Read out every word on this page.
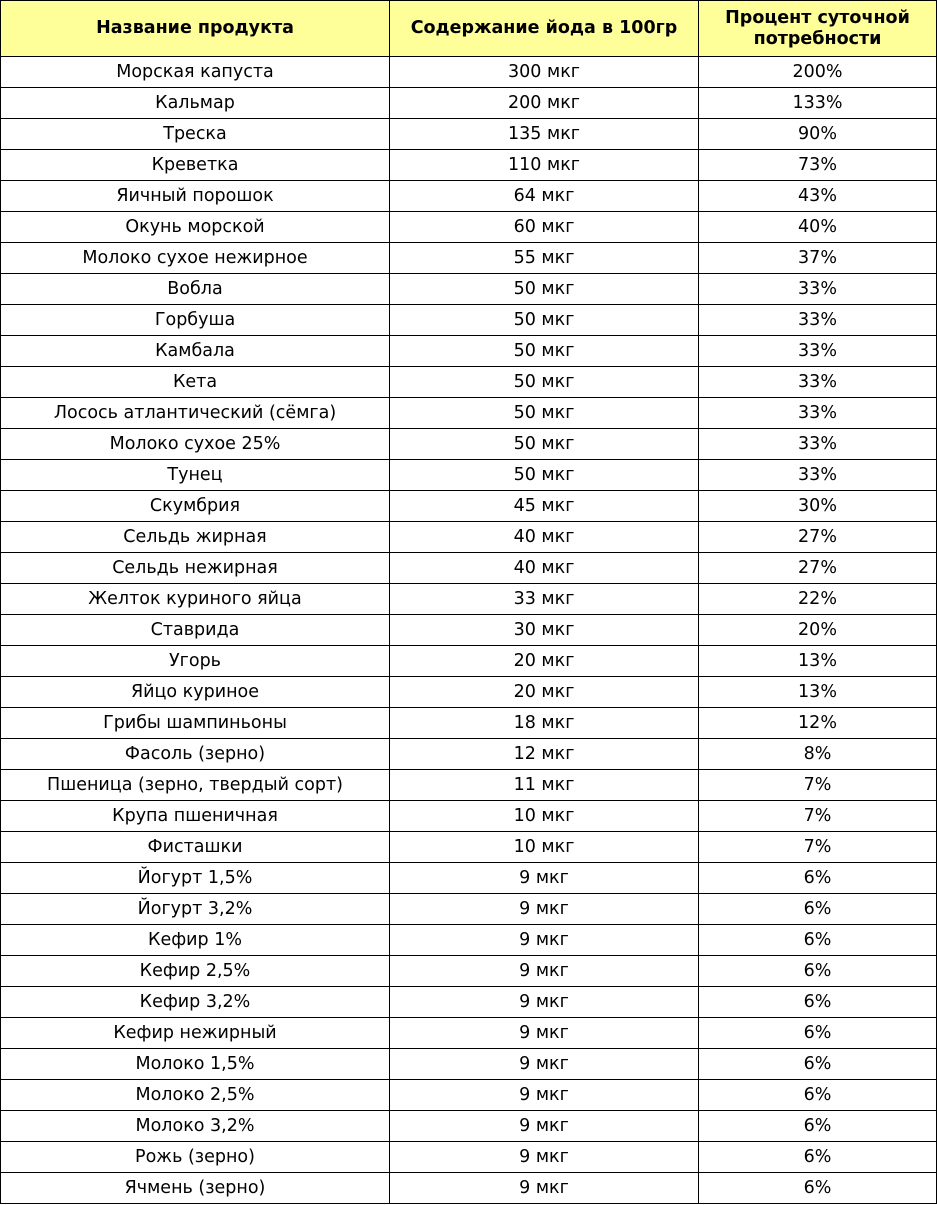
Название продукта	Содержание йода в 100гр	Процент суточной потребности
Морская капуста	300 мкг	200%
Кальмар	200 мкг	133%
Треска	135 мкг	90%
Креветка	110 мкг	73%
Яичный порошок	64 мкг	43%
Окунь морской	60 мкг	40%
Молоко сухое нежирное	55 мкг	37%
Вобла	50 мкг	33%
Горбуша	50 мкг	33%
Камбала	50 мкг	33%
Кета	50 мкг	33%
Лосось атлантический (сёмга)	50 мкг	33%
Молоко сухое 25%	50 мкг	33%
Тунец	50 мкг	33%
Скумбрия	45 мкг	30%
Сельдь жирная	40 мкг	27%
Сельдь нежирная	40 мкг	27%
Желток куриного яйца	33 мкг	22%
Ставрида	30 мкг	20%
Угорь	20 мкг	13%
Яйцо куриное	20 мкг	13%
Грибы шампиньоны	18 мкг	12%
Фасоль (зерно)	12 мкг	8%
Пшеница (зерно, твердый сорт)	11 мкг	7%
Крупа пшеничная	10 мкг	7%
Фисташки	10 мкг	7%
Йогурт 1,5%	9 мкг	6%
Йогурт 3,2%	9 мкг	6%
Кефир 1%	9 мкг	6%
Кефир 2,5%	9 мкг	6%
Кефир 3,2%	9 мкг	6%
Кефир нежирный	9 мкг	6%
Молоко 1,5%	9 мкг	6%
Молоко 2,5%	9 мкг	6%
Молоко 3,2%	9 мкг	6%
Рожь (зерно)	9 мкг	6%
Ячмень (зерно)	9 мкг	6%
